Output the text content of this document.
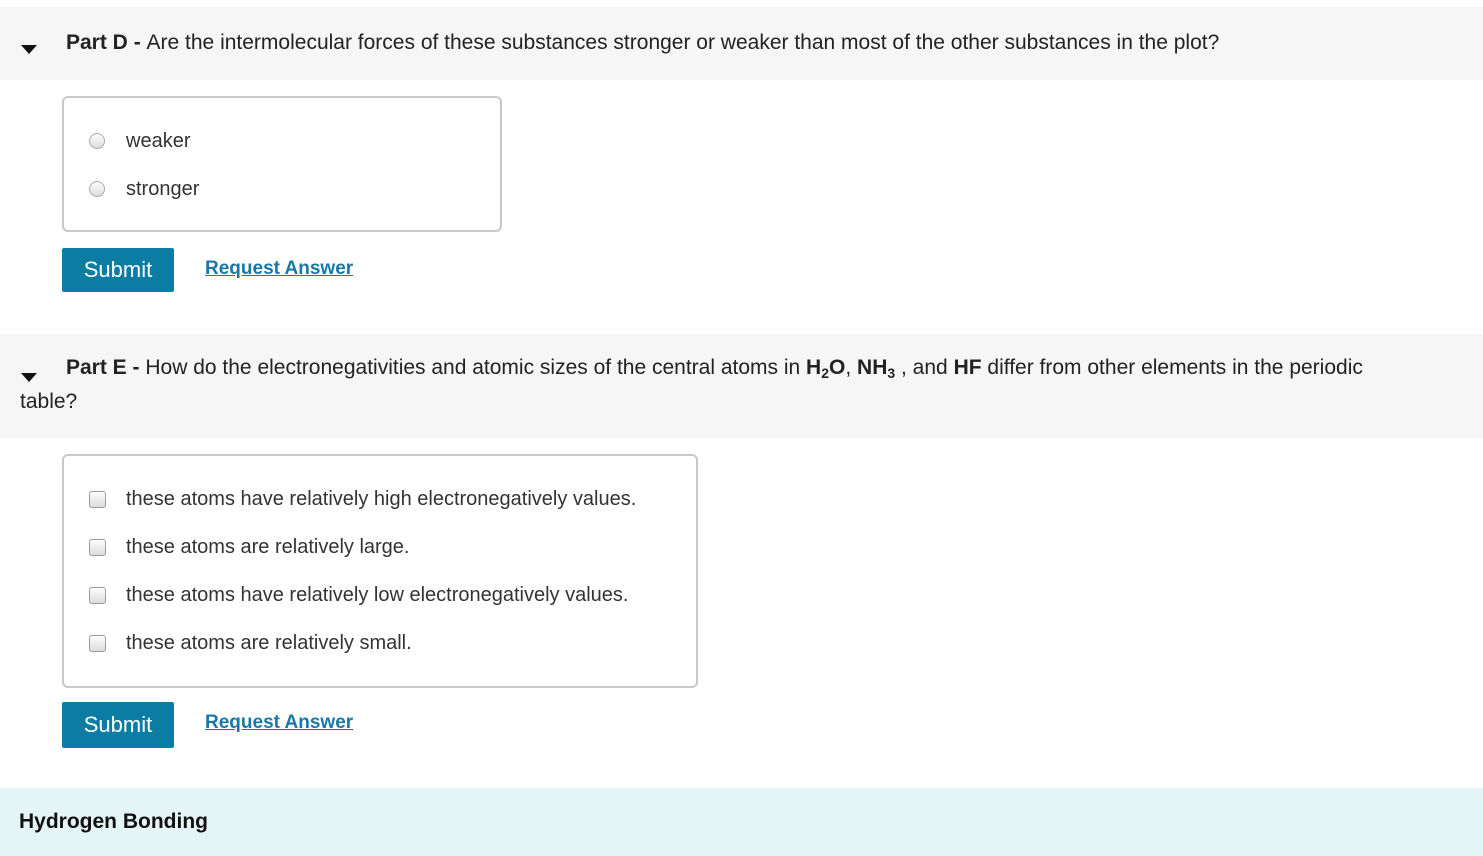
Part D - Are the intermolecular forces of these substances stronger or weaker than most of the other substances in the plot?
weaker
stronger
Submit	Request Answer
Part E - How do the electronegativities and atomic sizes of the central atoms in $H_2O$, $NH_3$ , and HF differ from other elements in the periodic
table?
these atoms have relatively high electronegatively values.
these atoms are relatively large.
these atoms have relatively low electronegatively values.
these atoms are relatively small.
Submit	Request Answer
Hydrogen Bonding
